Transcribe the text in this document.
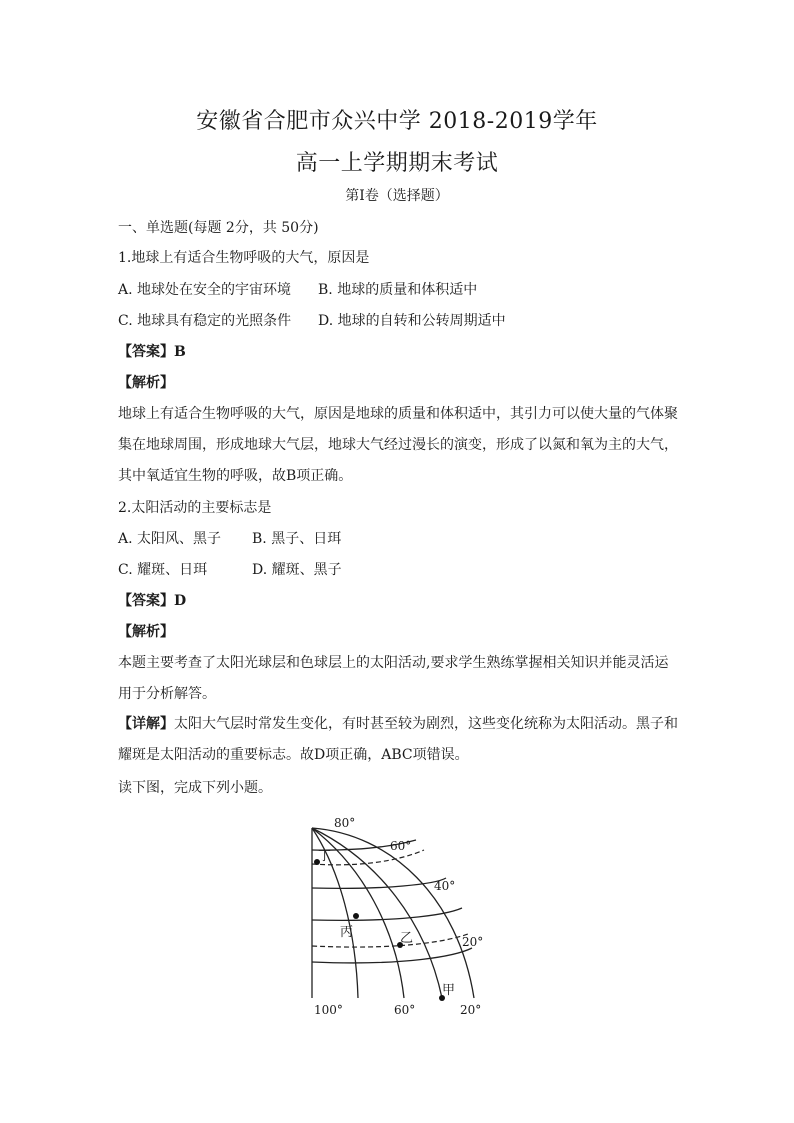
安徽省合肥市众兴中学 2018-2019学年
高一上学期期末考试
第Ⅰ卷（选择题）
一、单选题(每题 2分，共 50分)
1.地球上有适合生物呼吸的大气，原因是
A. 地球处在安全的宇宙环境 B. 地球的质量和体积适中
C. 地球具有稳定的光照条件 D. 地球的自转和公转周期适中
【答案】B
【解析】
地球上有适合生物呼吸的大气，原因是地球的质量和体积适中，其引力可以使大量的气体聚集在地球周围，形成地球大气层，地球大气经过漫长的演变，形成了以氮和氧为主的大气，其中氧适宜生物的呼吸，故B项正确。
2.太阳活动的主要标志是
A. 太阳风、黑子 B. 黑子、日珥
C. 耀斑、日珥	D. 耀斑、黑子
【答案】D
【解析】
本题主要考查了太阳光球层和色球层上的太阳活动,要求学生熟练掌握相关知识并能灵活运用于分析解答。
【详解】太阳大气层时常发生变化，有时甚至较为剧烈，这些变化统称为太阳活动。黑子和耀斑是太阳活动的重要标志。故D项正确，ABC项错误。
读下图，完成下列小题。
80°
60°
40°
20°
100°	60°	20°
丁
丙	乙
甲
